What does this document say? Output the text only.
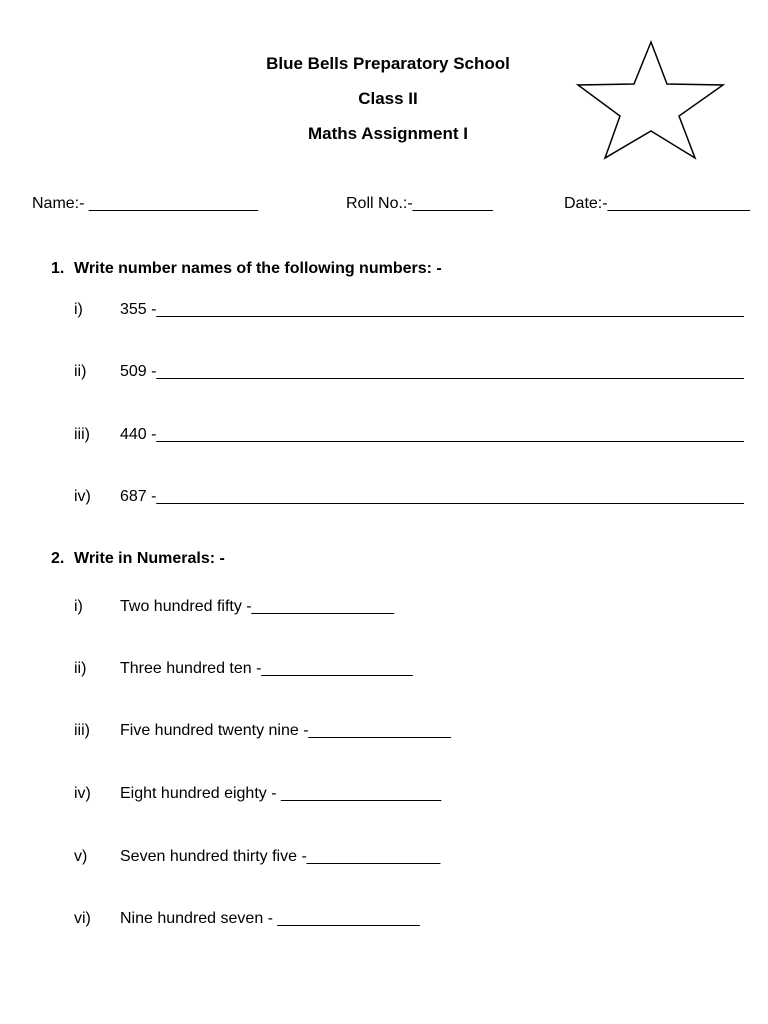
Blue Bells Preparatory School
Class II
Maths Assignment I
Name:- ___________________	Roll No.:-_________	Date:-________________
1. Write number names of the following numbers: -
i) 355 -__________________________________________________________________
ii) 509 -__________________________________________________________________
iii) 440 -__________________________________________________________________
iv) 687 -__________________________________________________________________
2. Write in Numerals: -
i) Two hundred fifty -________________
ii) Three hundred ten -_________________
iii) Five hundred twenty nine -________________
iv) Eight hundred eighty - __________________
v) Seven hundred thirty five -_______________
vi) Nine hundred seven - ________________
